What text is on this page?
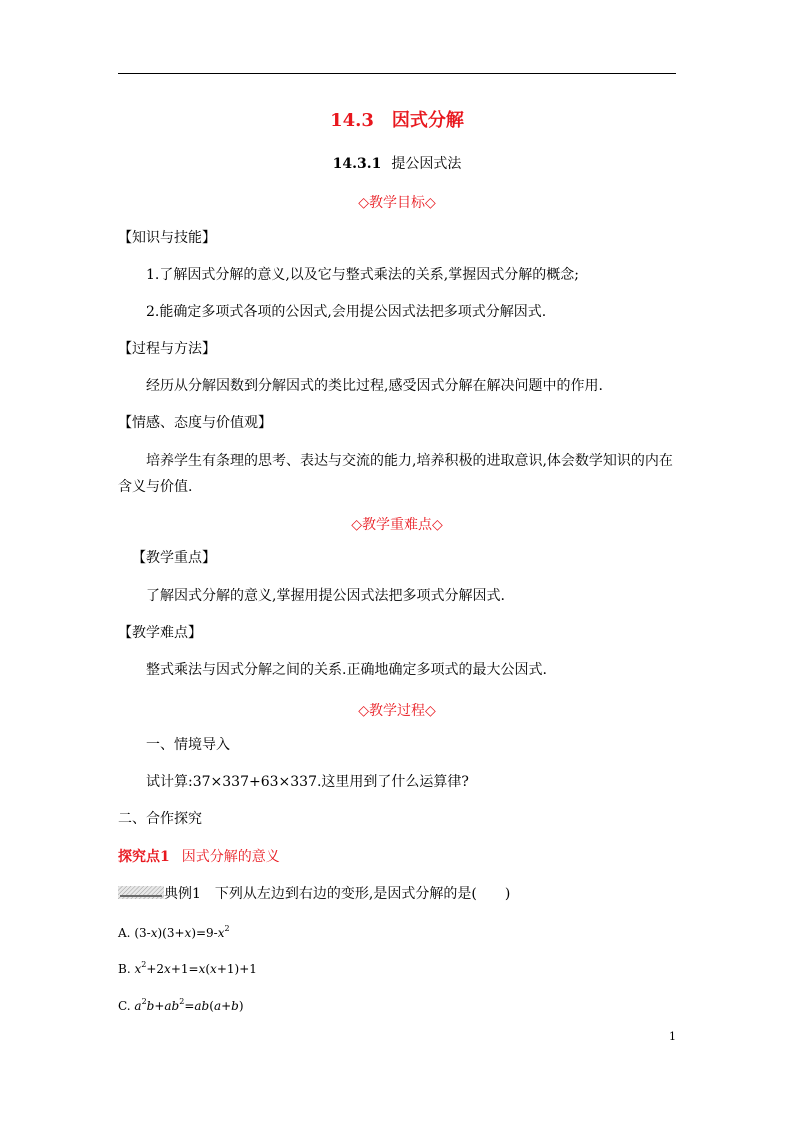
14.3　因式分解
14.3.1 提公因式法
◇教学目标◇
【知识与技能】
1.了解因式分解的意义,以及它与整式乘法的关系,掌握因式分解的概念;
2.能确定多项式各项的公因式,会用提公因式法把多项式分解因式.
【过程与方法】
经历从分解因数到分解因式的类比过程,感受因式分解在解决问题中的作用.
【情感、态度与价值观】
培养学生有条理的思考、表达与交流的能力,培养积极的进取意识,体会数学知识的内在
含义与价值.
◇教学重难点◇
【教学重点】
了解因式分解的意义,掌握用提公因式法把多项式分解因式.
【教学难点】
整式乘法与因式分解之间的关系.正确地确定多项式的最大公因式.
◇教学过程◇
一、情境导入
试计算:37×337+63×337.这里用到了什么运算律?
二、合作探究
探究点1 因式分解的意义
典例1　下列从左边到右边的变形,是因式分解的是(　　)
A. $(3-x)(3+x)=9-x^2$
B. $x^2+2x+1=x(x+1)+1$
C. $a^2b+ab^2=ab(a+b)$
1
